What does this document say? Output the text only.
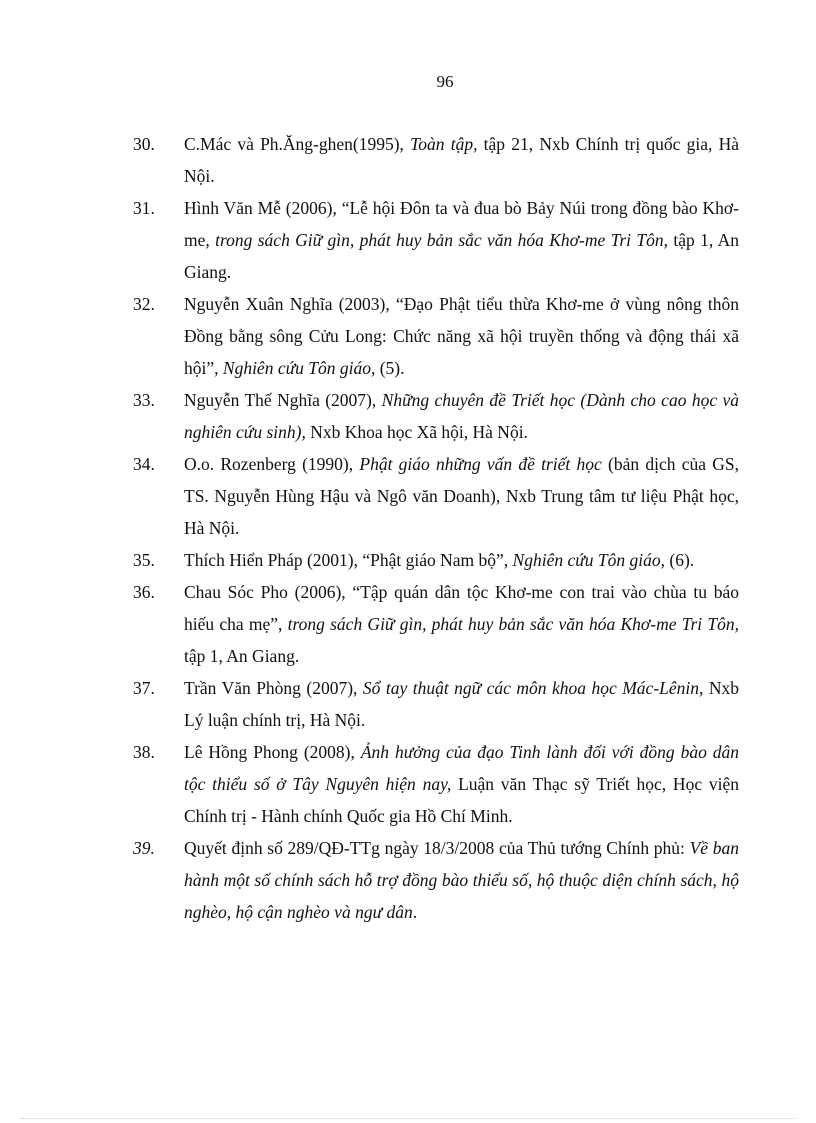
96
30.	C.Mác và Ph.Ăng-ghen(1995), Toàn tập, tập 21, Nxb Chính trị quốc gia, Hà Nội.
31.	Hình Văn Mễ (2006), “Lễ hội Đôn ta và đua bò Bảy Núi trong đồng bào Khơ-me, trong sách Giữ gìn, phát huy bản sắc văn hóa Khơ-me Tri Tôn, tập 1, An Giang.
32.	Nguyễn Xuân Nghĩa (2003), “Đạo Phật tiểu thừa Khơ-me ở vùng nông thôn Đồng bằng sông Cửu Long: Chức năng xã hội truyền thống và động thái xã hội”, Nghiên cứu Tôn giáo, (5).
33.	Nguyễn Thế Nghĩa (2007), Những chuyên đề Triết học (Dành cho cao học và nghiên cứu sinh), Nxb Khoa học Xã hội, Hà Nội.
34.	O.o. Rozenberg (1990), Phật giáo những vấn đề triết học (bản dịch của GS, TS. Nguyễn Hùng Hậu và Ngô văn Doanh), Nxb Trung tâm tư liệu Phật học, Hà Nội.
35.	Thích Hiển Pháp (2001), “Phật giáo Nam bộ”, Nghiên cứu Tôn giáo, (6).
36.	Chau Sóc Pho (2006), “Tập quán dân tộc Khơ-me con trai vào chùa tu báo hiếu cha mẹ”, trong sách Giữ gìn, phát huy bản sắc văn hóa Khơ-me Tri Tôn, tập 1, An Giang.
37.	Trần Văn Phòng (2007), Sổ tay thuật ngữ các môn khoa học Mác-Lênin, Nxb Lý luận chính trị, Hà Nội.
38.	Lê Hồng Phong (2008), Ảnh hưởng của đạo Tinh lành đối với đồng bào dân tộc thiểu số ở Tây Nguyên hiện nay, Luận văn Thạc sỹ Triết học, Học viện Chính trị - Hành chính Quốc gia Hồ Chí Minh.
39.	Quyết định số 289/QĐ-TTg ngày 18/3/2008 của Thủ tướng Chính phủ: Về ban hành một số chính sách hỗ trợ đồng bào thiểu số, hộ thuộc diện chính sách, hộ nghèo, hộ cận nghèo và ngư dân.
